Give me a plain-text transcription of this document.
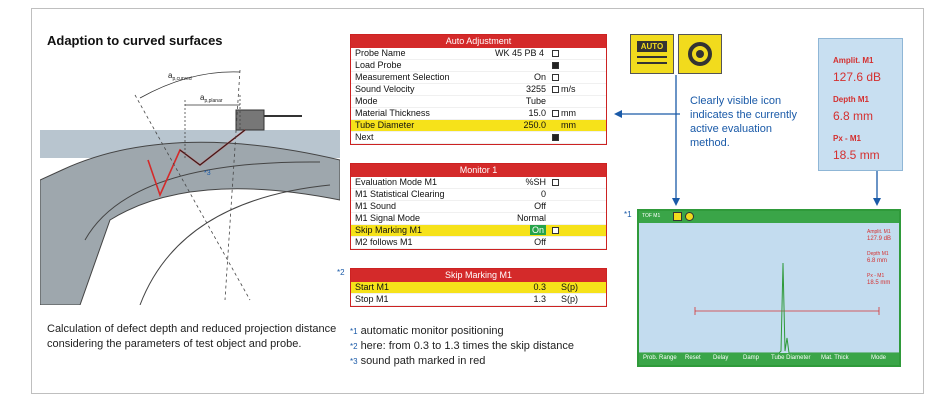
Adaption to curved surfaces
$a_{p,curved}$
$a_{p,planar}$
*3
Calculation of defect depth and reduced projection distance considering the parameters of test object and probe.
Auto Adjustment
Probe Name	WK 45 PB 4
Load Probe
Measurement Selection	On
Sound Velocity	3255 m/s
Mode	Tube
Material Thickness	15.0 mm
Tube Diameter	250.0 mm
Next
Monitor 1
Evaluation Mode M1	%SH
M1 Statistical Clearing	0
M1 Sound	Off
M1 Signal Mode	Normal
Skip Marking M1	On
M2 follows M1	Off
*2	Skip Marking M1
Start M1	0.3 S(p)
Stop M1	1.3 S(p)
$^{*1}$ automatic monitor positioning
$^{*2}$ here: from 0.3 to 1.3 times the skip distance
$^{*3}$ sound path marked in red
AUTO
Clearly visible icon indicates the currently active evaluation method.
Amplit. M1
127.6 dB
Depth M1
6.8 mm
Px - M1
18.5 mm
*1 TOF M1
Amplit. M1
127.9 dB
Depth M1
6.8 mm
Px - M1
18.5 mm
Prob. Range Reset Delay Damp Tube Diameter Mat. Thick	Mode
